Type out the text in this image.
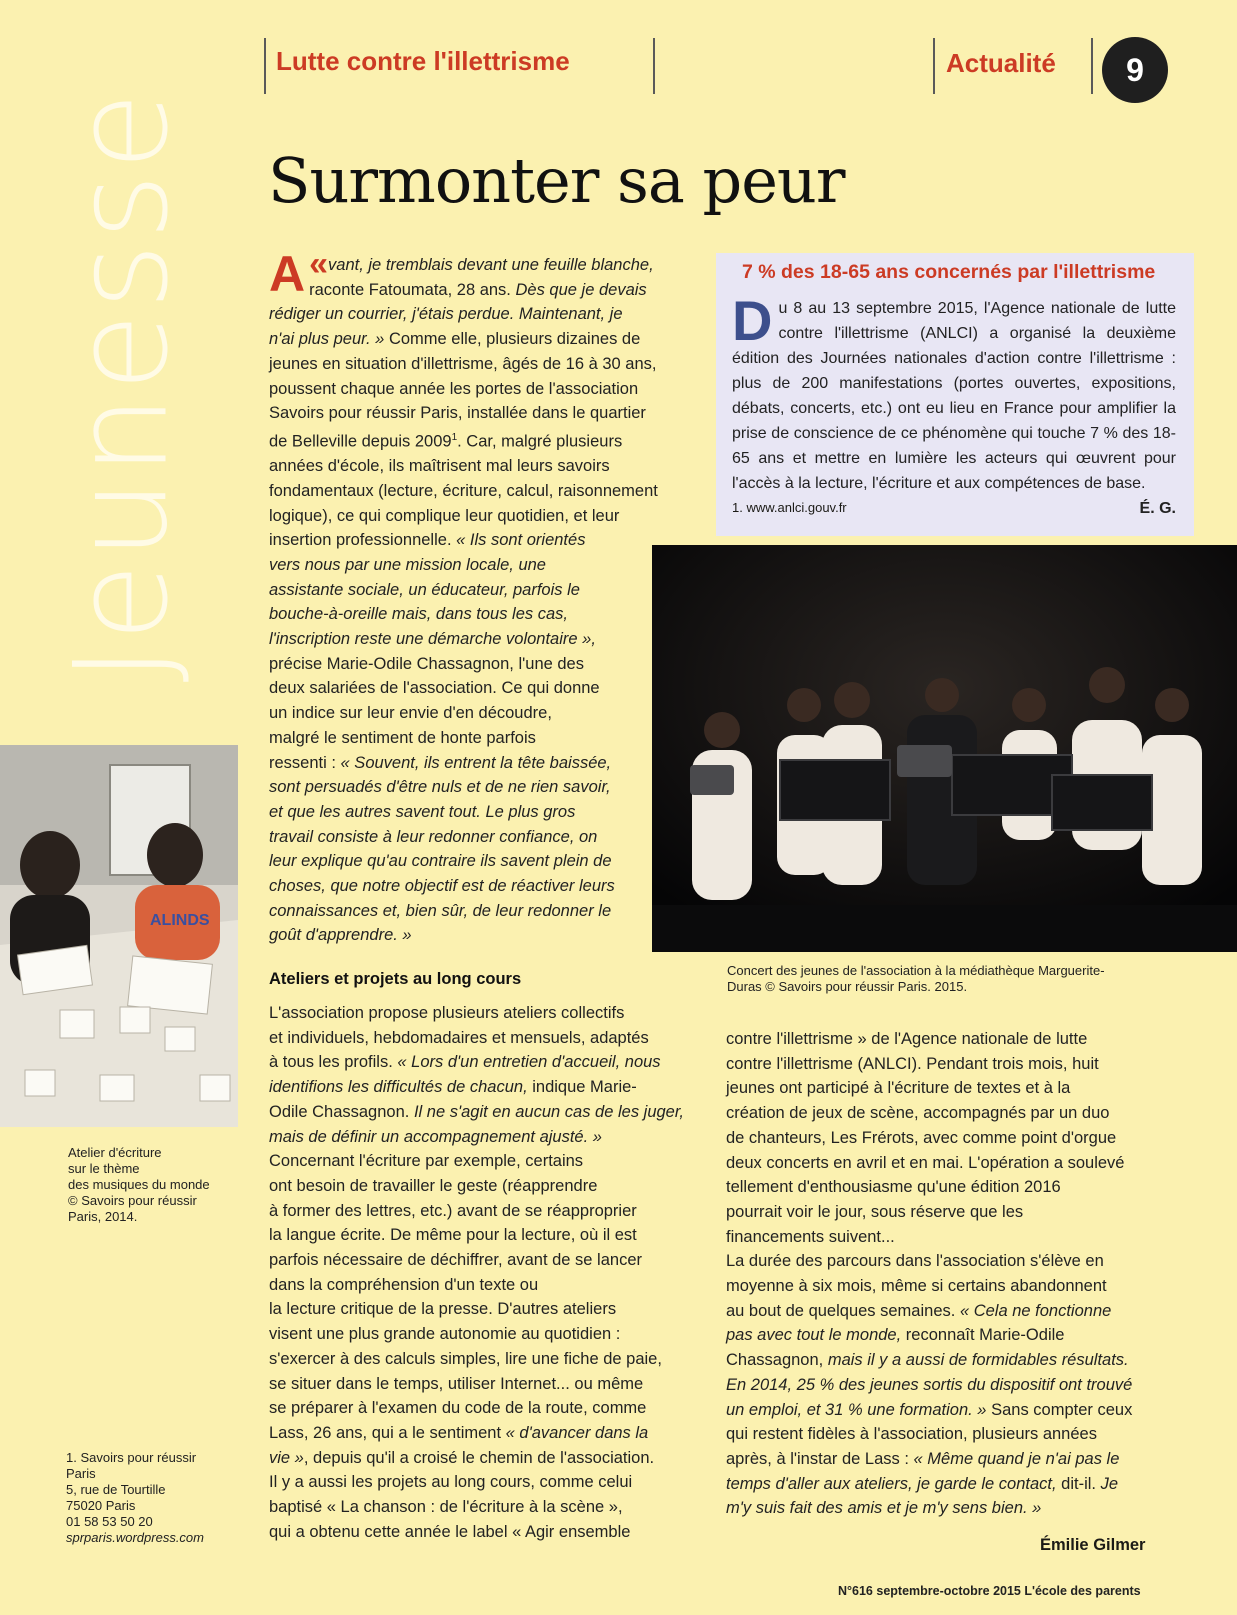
Jeunesse
Lutte contre l'illettrisme	Actualité	9
Surmonter sa peur

«
A vant, je tremblais devant une feuille blanche,

raconte Fatoumata, 28 ans. Dès que je devais

rédiger un courrier, j'étais perdue. Maintenant, je

n'ai plus peur. » Comme elle, plusieurs dizaines de

jeunes en situation d'illettrisme, âgés de 16 à 30 ans,

poussent chaque année les portes de l'association

Savoirs pour réussir Paris, installée dans le quartier

de Belleville depuis 2009$^1$. Car, malgré plusieurs

années d'école, ils maîtrisent mal leurs savoirs

fondamentaux (lecture, écriture, calcul, raisonnement

logique), ce qui complique leur quotidien, et leur

insertion professionnelle. « Ils sont orientés

vers nous par une mission locale, une

assistante sociale, un éducateur, parfois le

bouche-à-oreille mais, dans tous les cas,

l'inscription reste une démarche volontaire »,

précise Marie-Odile Chassagnon, l'une des

deux salariées de l'association. Ce qui donne

un indice sur leur envie d'en découdre,

malgré le sentiment de honte parfois

ressenti : « Souvent, ils entrent la tête baissée,

sont persuadés d'être nuls et de ne rien savoir,

et que les autres savent tout. Le plus gros

travail consiste à leur redonner confiance, on

leur explique qu'au contraire ils savent plein de

choses, que notre objectif est de réactiver leurs

connaissances et, bien sûr, de leur redonner le

goût d'apprendre. »

Ateliers et projets au long cours

L'association propose plusieurs ateliers collectifs

et individuels, hebdomadaires et mensuels, adaptés

à tous les profils. « Lors d'un entretien d'accueil, nous

identifions les difficultés de chacun, indique Marie-

Odile Chassagnon. Il ne s'agit en aucun cas de les juger,

mais de définir un accompagnement ajusté. »

Concernant l'écriture par exemple, certains

ont besoin de travailler le geste (réapprendre

à former des lettres, etc.) avant de se réapproprier

la langue écrite. De même pour la lecture, où il est

parfois nécessaire de déchiffrer, avant de se lancer

dans la compréhension d'un texte ou

la lecture critique de la presse. D'autres ateliers

visent une plus grande autonomie au quotidien :

s'exercer à des calculs simples, lire une fiche de paie,

se situer dans le temps, utiliser Internet... ou même

se préparer à l'examen du code de la route, comme

Lass, 26 ans, qui a le sentiment « d'avancer dans la

vie », depuis qu'il a croisé le chemin de l'association.

Il y a aussi les projets au long cours, comme celui

baptisé « La chanson : de l'écriture à la scène »,

qui a obtenu cette année le label « Agir ensemble

contre l'illettrisme » de l'Agence nationale de lutte

contre l'illettrisme (ANLCI). Pendant trois mois, huit

jeunes ont participé à l'écriture de textes et à la

création de jeux de scène, accompagnés par un duo

de chanteurs, Les Frérots, avec comme point d'orgue

deux concerts en avril et en mai. L'opération a soulevé

tellement d'enthousiasme qu'une édition 2016

pourrait voir le jour, sous réserve que les

financements suivent...

La durée des parcours dans l'association s'élève en

moyenne à six mois, même si certains abandonnent

au bout de quelques semaines. « Cela ne fonctionne

pas avec tout le monde, reconnaît Marie-Odile

Chassagnon, mais il y a aussi de formidables résultats.

En 2014, 25 % des jeunes sortis du dispositif ont trouvé

un emploi, et 31 % une formation. » Sans compter ceux

qui restent fidèles à l'association, plusieurs années

après, à l'instar de Lass : « Même quand je n'ai pas le

temps d'aller aux ateliers, je garde le contact, dit-il. Je

m'y suis fait des amis et je m'y sens bien. »

Émilie Gilmer
7 % des 18-65 ans concernés par l'illettrisme
D u 8 au 13 septembre 2015, l'Agence nationale de lutte contre l'illettrisme (ANLCI) a organisé la deuxième édition des Journées nationales d'action contre l'illettrisme : plus de 200 manifestations (portes ouvertes, expositions, débats, concerts, etc.) ont eu lieu en France pour amplifier la prise de conscience de ce phénomène qui touche 7 % des 18-65 ans et mettre en lumière les acteurs qui œuvrent pour l'accès à la lecture, l'écriture et aux compétences de base.
É. G.
1. www.anlci.gouv.fr
Concert des jeunes de l'association à la médiathèque Marguerite-
Duras © Savoirs pour réussir Paris. 2015.
ALINDS
Atelier d'écriture
sur le thème
des musiques du monde
© Savoirs pour réussir
Paris, 2014.
1. Savoirs pour réussir
Paris
5, rue de Tourtille
75020 Paris
01 58 53 50 20
sprparis.wordpress.com
N°616 septembre-octobre 2015 L'école des parents
